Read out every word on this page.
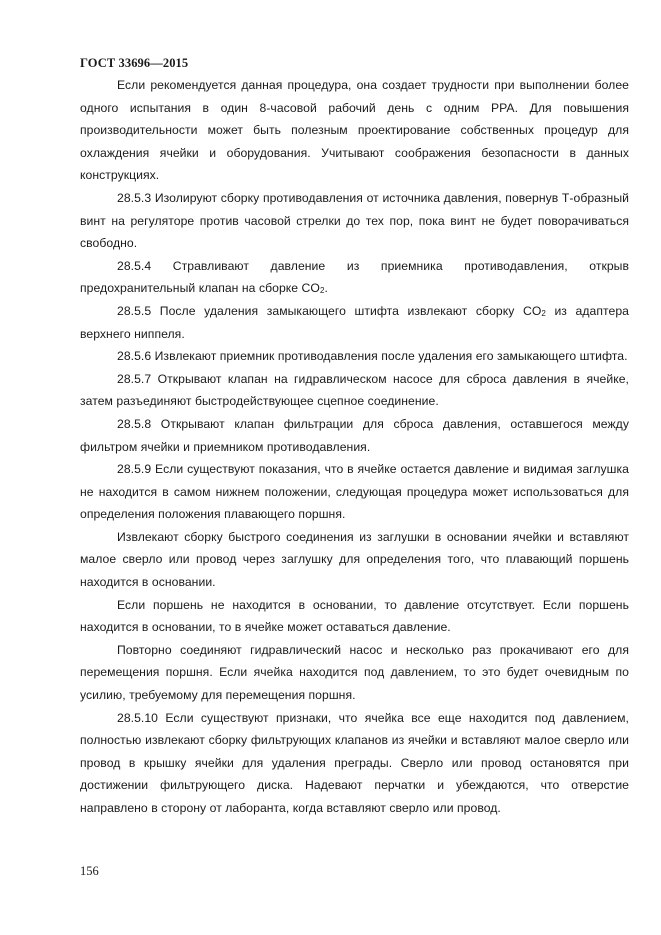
ГОСТ 33696—2015

Если рекомендуется данная процедура, она создает трудности при выполнении более одного испытания в один 8-часовой рабочий день с одним PPA. Для повышения производительности может быть полезным проектирование собственных процедур для охлаждения ячейки и оборудования. Учитывают соображения безопасности в данных конструкциях.

28.5.3 Изолируют сборку противодавления от источника давления, повернув Т-образный винт на регуляторе против часовой стрелки до тех пор, пока винт не будет поворачиваться свободно.

28.5.4 Стравливают давление из приемника противодавления, открыв предохранительный клапан на сборке $CO_2$.

28.5.5 После удаления замыкающего штифта извлекают сборку $CO_2$ из адаптера верхнего ниппеля.

28.5.6 Извлекают приемник противодавления после удаления его замыкающего штифта.

28.5.7 Открывают клапан на гидравлическом насосе для сброса давления в ячейке, затем разъединяют быстродействующее сцепное соединение.

28.5.8 Открывают клапан фильтрации для сброса давления, оставшегося между фильтром ячейки и приемником противодавления.

28.5.9 Если существуют показания, что в ячейке остается давление и видимая заглушка не находится в самом нижнем положении, следующая процедура может использоваться для определения положения плавающего поршня.

Извлекают сборку быстрого соединения из заглушки в основании ячейки и вставляют малое сверло или провод через заглушку для определения того, что плавающий поршень находится в основании.

Если поршень не находится в основании, то давление отсутствует. Если поршень находится в основании, то в ячейке может оставаться давление.

Повторно соединяют гидравлический насос и несколько раз прокачивают его для перемещения поршня. Если ячейка находится под давлением, то это будет очевидным по усилию, требуемому для перемещения поршня.

28.5.10 Если существуют признаки, что ячейка все еще находится под давлением, полностью извлекают сборку фильтрующих клапанов из ячейки и вставляют малое сверло или провод в крышку ячейки для удаления преграды. Сверло или провод остановятся при достижении фильтрующего диска. Надевают перчатки и убеждаются, что отверстие направлено в сторону от лаборанта, когда вставляют сверло или провод.

156
